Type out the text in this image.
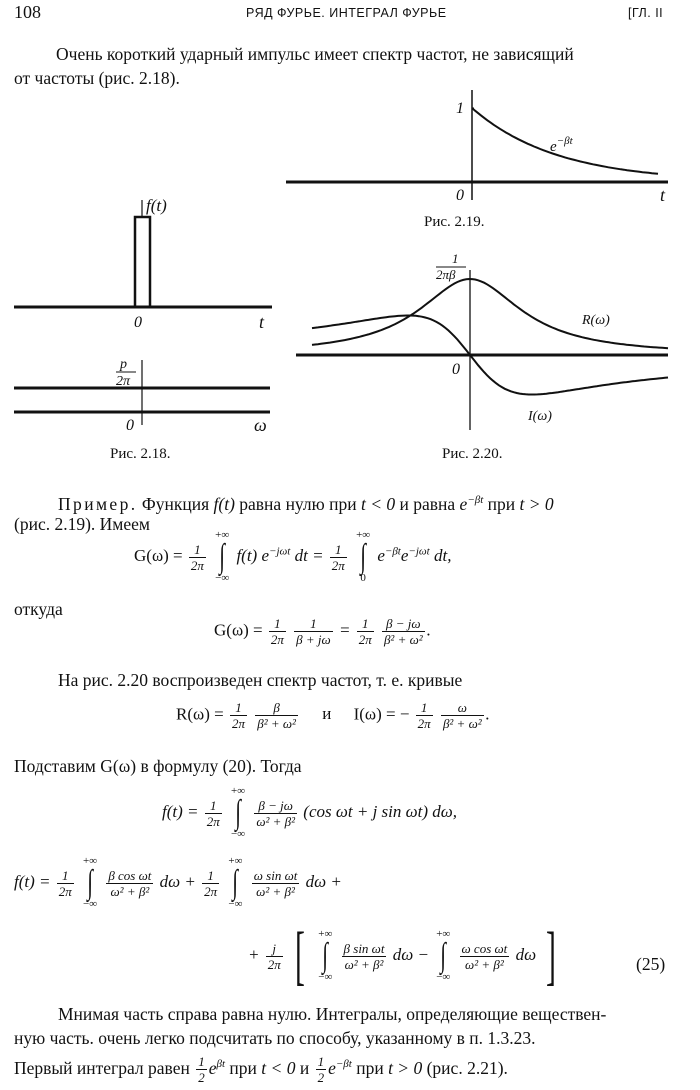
108	РЯД ФУРЬЕ. ИНТЕГРАЛ ФУРЬЕ	[ГЛ. II
Очень короткий ударный импульс имеет спектр частот, не зависящий
от частоты (рис. 2.18).
1
$e^{-\beta t}$
0	t
f(t)
0	t
p
2π
0	ω
1
2πβ
R(ω)
I(ω)
0
Рис. 2.19.
Рис. 2.18.	Рис. 2.20.
Пример. Функция f(t) равна нулю при t < 0 и равна $e^{-\beta t}$ при t > 0
(рис. 2.19). Имеем
$G(\omega) = \frac{1}{2\pi}$

+∞
∫
−∞
f(t) $e^{-j\omega t}$ dt = $\frac{1}{2\pi}$

+∞
∫
0
$e^{-\beta t}e^{-j\omega t}$ dt,
откуда
$G(\omega) = \frac{1}{2\pi}$
$\frac{1}{\beta + j\omega} = \frac{1}{2\pi}$
$\frac{\beta - j\omega}{\text{β² + ω²}}$ .
На рис. 2.20 воспроизведен спектр частот, т. е. кривые
$R(\omega) = \frac{1}{2\pi}$
$\frac{\beta}{\text{β² + ω²}}$ и I(ω) = − $\frac{1}{2\pi}$
$\frac{\omega}{\text{β² + ω²}}$ .
Подставим G(ω) в формулу (20). Тогда
$f(t) = \frac{1}{2\pi}$

+∞
∫
−∞

$\frac{\beta - j\omega}{\text{ω² + β²}} (\cos$ ωt + j sin ωt) dω,
$f(t) = \frac{1}{2\pi}$

+∞
∫
−∞

$\frac{\text{β cos ωt}}{\text{ω² + β²}}$ $d\omega + \frac{1}{2\pi}$

+∞
∫
−∞

$\frac{\text{ω sin ωt}}{\text{ω² + β²}}$ dω +
+ $\frac{j}{2\pi}$ [ +∞
∫
−∞

$\frac{\text{β sin ωt}}{\text{ω² + β²}}$ dω −
+∞
∫
−∞

$\frac{\text{ω cos ωt}}{\text{ω² + β²}}$ dω ]	(25)
Мнимая часть справа равна нулю. Интегралы, определяющие веществен-
ную часть. очень легко подсчитать по способу, указанному в п. 1.3.23.
Первый интеграл равен $\frac{1}{2} e^{\beta t}$ при t < 0 и $\frac{1}{2} e^{-\beta t}$ при t > 0 (рис. 2.21).
